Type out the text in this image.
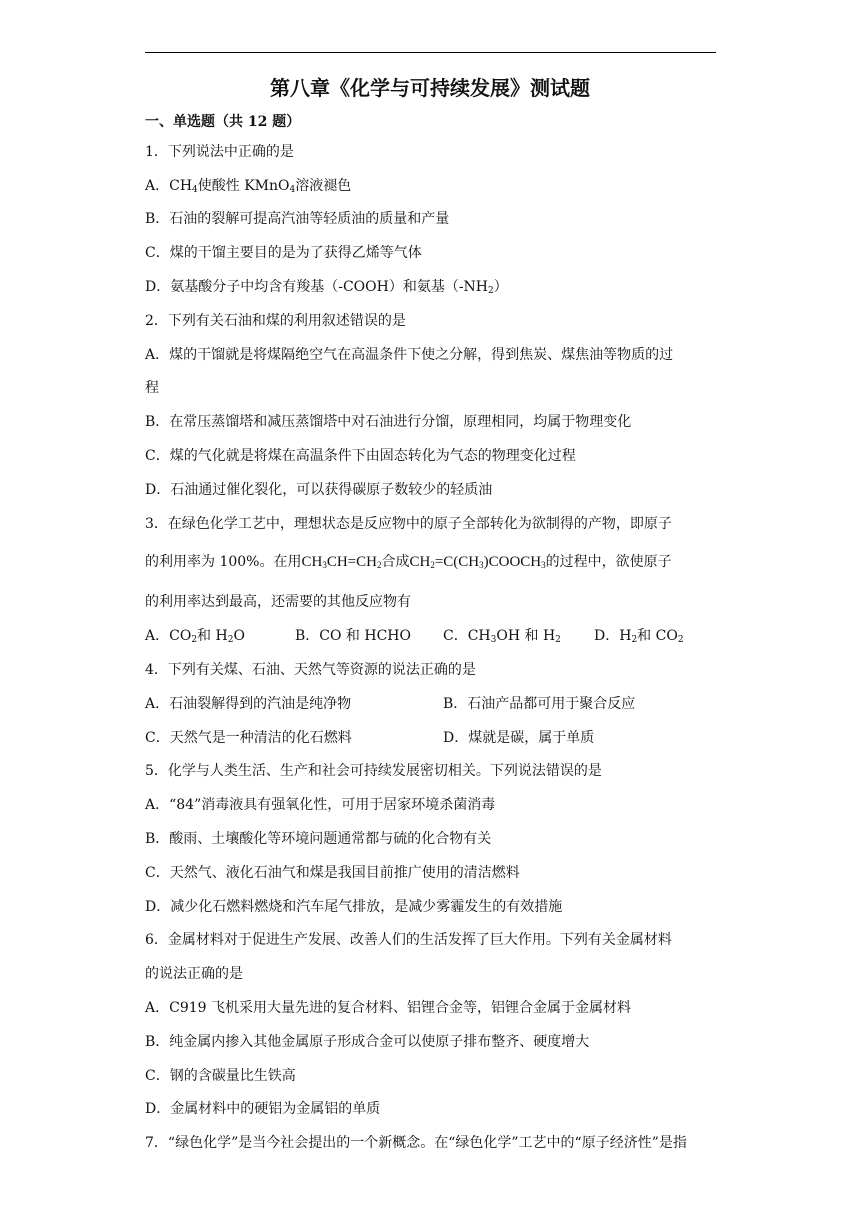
第八章《化学与可持续发展》测试题
一、单选题（共 12 题）
1．下列说法中正确的是
A．$CH_4$使酸性 KMnO$_4$溶液褪色
B．石油的裂解可提高汽油等轻质油的质量和产量
C．煤的干馏主要目的是为了获得乙烯等气体
D．氨基酸分子中均含有羧基（-COOH）和氨基$(-NH_2)$
2．下列有关石油和煤的利用叙述错误的是
A．煤的干馏就是将煤隔绝空气在高温条件下使之分解，得到焦炭、煤焦油等物质的过
程
B．在常压蒸馏塔和减压蒸馏塔中对石油进行分馏，原理相同，均属于物理变化
C．煤的气化就是将煤在高温条件下由固态转化为气态的物理变化过程
D．石油通过催化裂化，可以获得碳原子数较少的轻质油
3．在绿色化学工艺中，理想状态是反应物中的原子全部转化为欲制得的产物，即原子
的利用率为 100%。在用$CH_3CH=CH_2$合成$CH_2=C(CH_3)COOCH_3$的过程中，欲使原子
的利用率达到最高，还需要的其他反应物有
A．$CO_2$和 $H_2O$	B．CO 和 HCHO C．$CH_3OH$ 和 $H_2$ D．$H_2$和 $CO_2$
4．下列有关煤、石油、天然气等资源的说法正确的是
A．石油裂解得到的汽油是纯净物	B．石油产品都可用于聚合反应
C．天然气是一种清洁的化石燃料	D．煤就是碳，属于单质
5．化学与人类生活、生产和社会可持续发展密切相关。下列说法错误的是
A．“84”消毒液具有强氧化性，可用于居家环境杀菌消毒
B．酸雨、土壤酸化等环境问题通常都与硫的化合物有关
C．天然气、液化石油气和煤是我国目前推广使用的清洁燃料
D．减少化石燃料燃烧和汽车尾气排放，是减少雾霾发生的有效措施
6．金属材料对于促进生产发展、改善人们的生活发挥了巨大作用。下列有关金属材料
的说法正确的是
A．C919 飞机采用大量先进的复合材料、铝锂合金等，铝锂合金属于金属材料
B．纯金属内掺入其他金属原子形成合金可以使原子排布整齐、硬度增大
C．钢的含碳量比生铁高
D．金属材料中的硬铝为金属铝的单质
7．“绿色化学”是当今社会提出的一个新概念。在“绿色化学”工艺中的“原子经济性”是指
